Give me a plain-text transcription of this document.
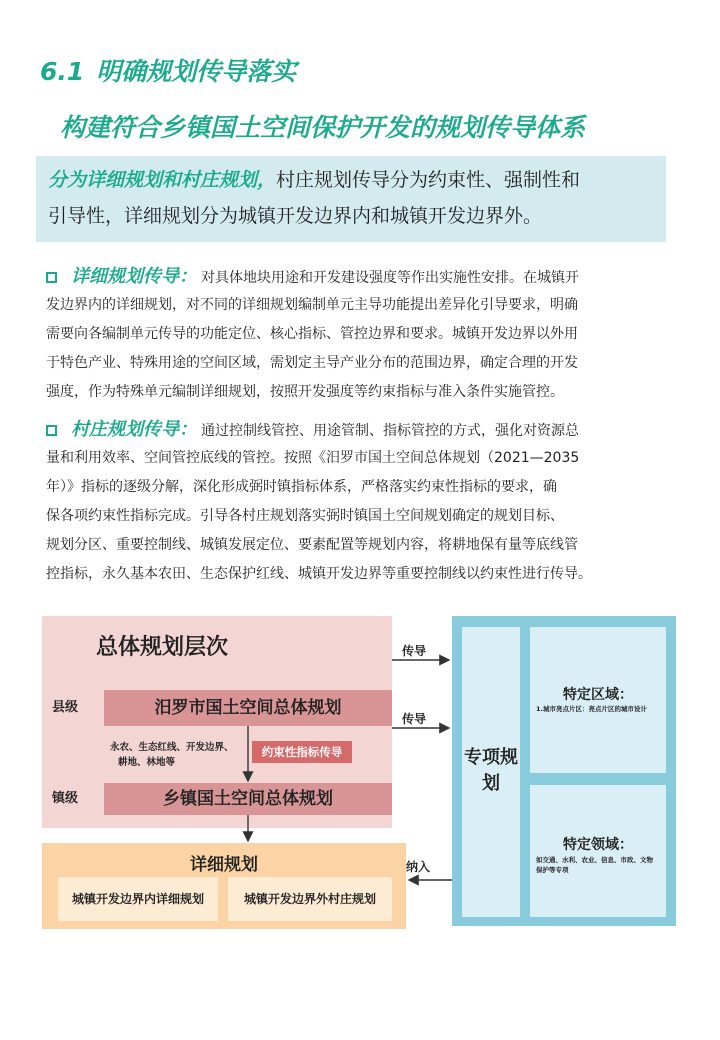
6.1 明确规划传导落实
构建符合乡镇国土空间保护开发的规划传导体系
分为详细规划和村庄规划，村庄规划传导分为约束性、强制性和
引导性，详细规划分为城镇开发边界内和城镇开发边界外。
详细规划传导： 对具体地块用途和开发建设强度等作出实施性安排。在城镇开
发边界内的详细规划，对不同的详细规划编制单元主导功能提出差异化引导要求，明确
需要向各编制单元传导的功能定位、核心指标、管控边界和要求。城镇开发边界以外用
于特色产业、特殊用途的空间区域，需划定主导产业分布的范围边界，确定合理的开发
强度，作为特殊单元编制详细规划，按照开发强度等约束指标与准入条件实施管控。
村庄规划传导： 通过控制线管控、用途管制、指标管控的方式，强化对资源总
量和利用效率、空间管控底线的管控。按照《汨罗市国土空间总体规划（2021—2035
年）》指标的逐级分解，深化形成弼时镇指标体系，严格落实约束性指标的要求，确
保各项约束性指标完成。引导各村庄规划落实弼时镇国土空间规划确定的规划目标、
规划分区、重要控制线、城镇发展定位、要素配置等规划内容，将耕地保有量等底线管
控指标，永久基本农田、生态保护红线、城镇开发边界等重要控制线以约束性进行传导。
总体规划层次
县级
镇级
汨罗市国土空间总体规划
乡镇国土空间总体规划
永农、生态红线、开发边界、
耕地、林地等
约束性指标传导
详细规划
城镇开发边界内详细规划	城镇开发边界外村庄规划
专项规划
特定区域：
1.城市亮点片区：亮点片区的城市设计
特定领域：
如交通、水利、农业、信息、市政、文物
保护等专项
传导
传导
纳入
